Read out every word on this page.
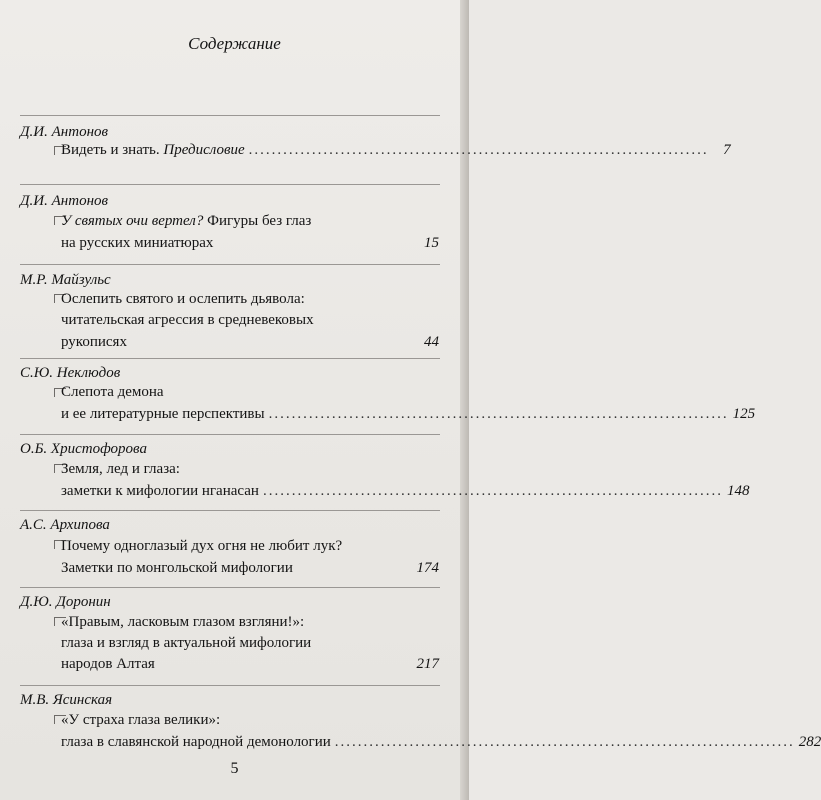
Содержание
Д.И. Антонов
Видеть и знать. Предисловие ................................................................................ 7
Д.И. Антонов
У святых очи вертел? Фигуры без глаз
на русских миниатюрах	15
М.Р. Майзульс
Ослепить святого и ослепить дьявола:
читательская агрессия в средневековых
рукописях	44
С.Ю. Неклюдов
Слепота демона
и ее литературные перспективы ................................................................................ 125
О.Б. Христофорова
Земля, лед и глаза:
заметки к мифологии нганасан ................................................................................ 148
А.С. Архипова
Почему одноглазый дух огня не любит лук?
Заметки по монгольской мифологии	174
Д.Ю. Доронин
«Правым, ласковым глазом взгляни!»:
глаза и взгляд в актуальной мифологии
народов Алтая	217
М.В. Ясинская
«У страха глаза велики»:
глаза в славянской народной демонологии ................................................................................ 282
5
